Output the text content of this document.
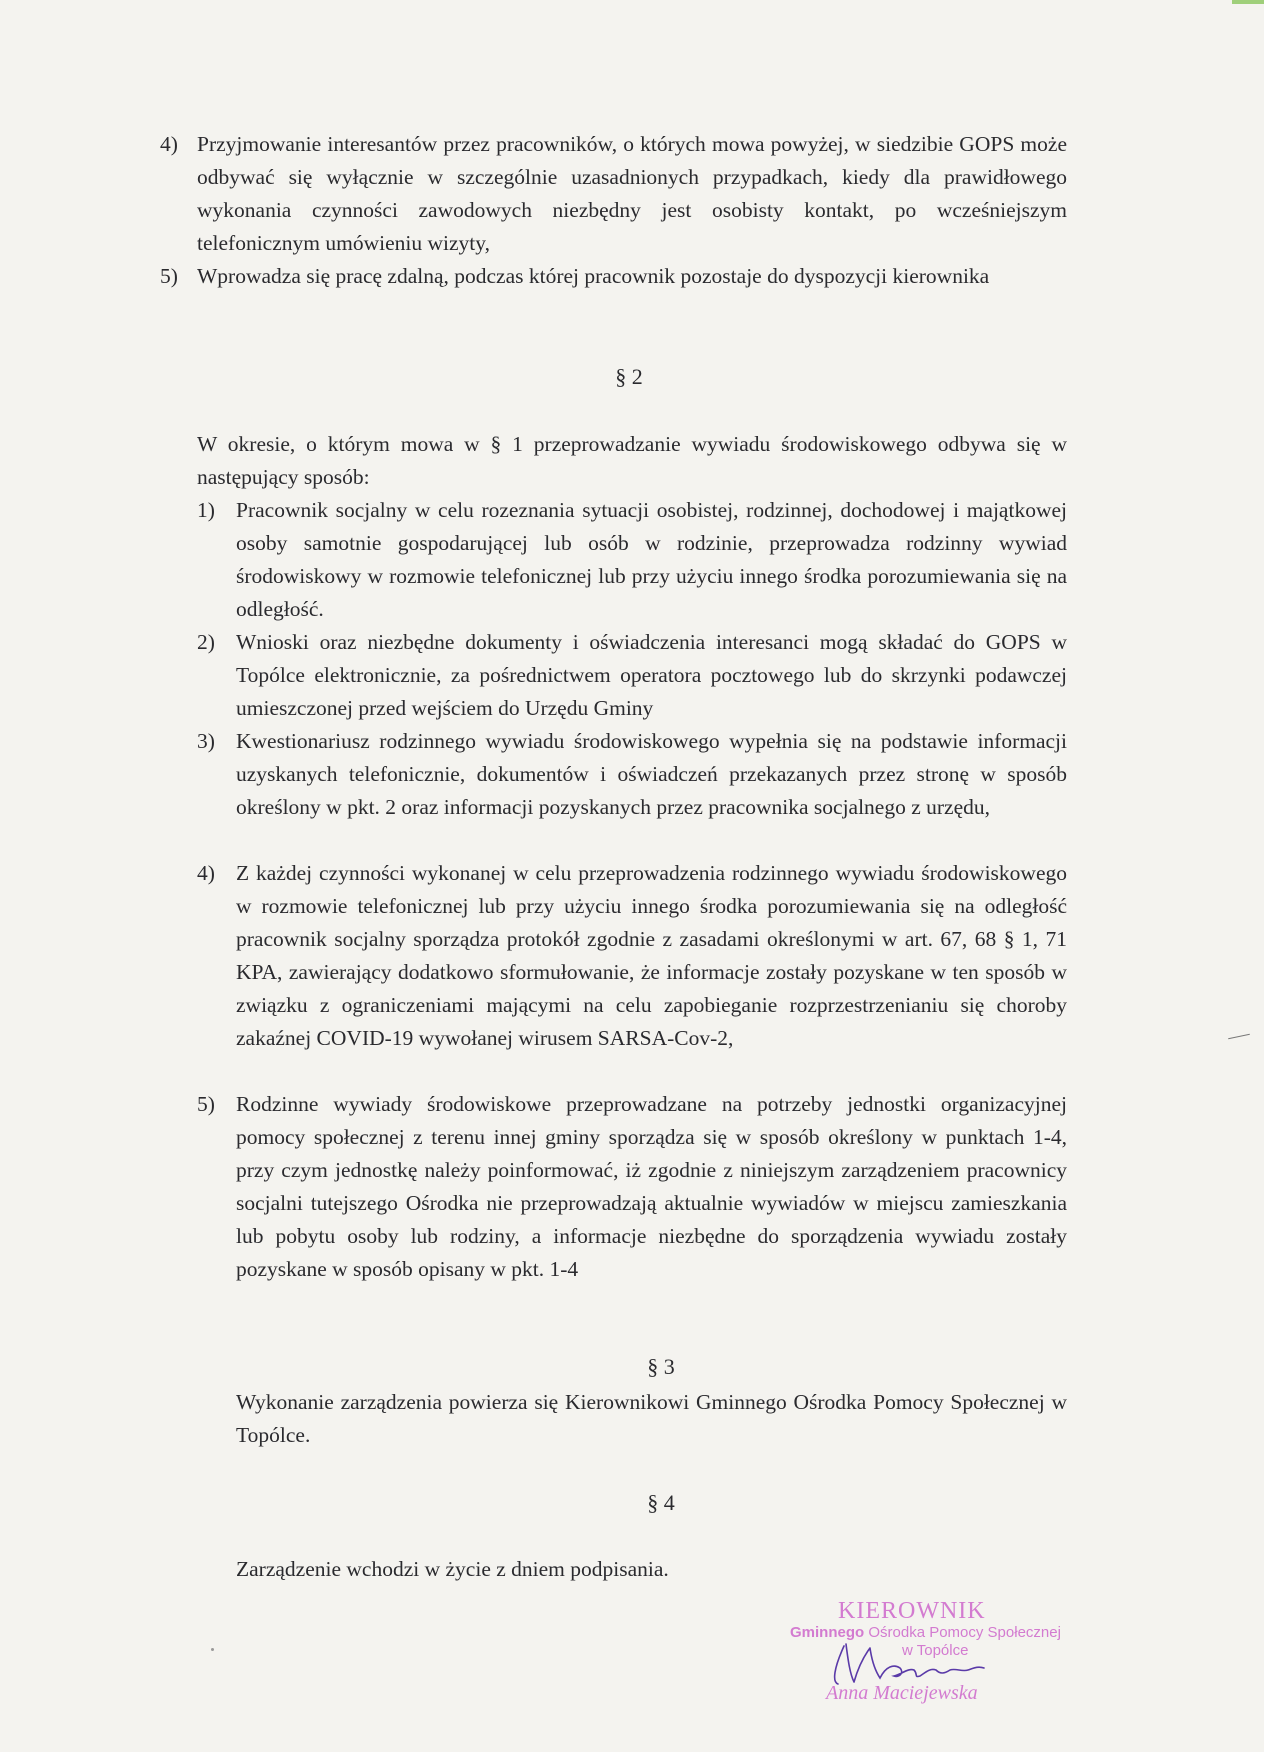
4) Przyjmowanie interesantów przez pracowników, o których mowa powyżej, w siedzibie GOPS może odbywać się wyłącznie w szczególnie uzasadnionych przypadkach, kiedy dla prawidłowego wykonania czynności zawodowych niezbędny jest osobisty kontakt, po wcześniejszym telefonicznym umówieniu wizyty,

5) Wprowadza się pracę zdalną, podczas której pracownik pozostaje do dyspozycji kierownika

§ 2

W okresie, o którym mowa w § 1 przeprowadzanie wywiadu środowiskowego odbywa się w następujący sposób:

1) Pracownik socjalny w celu rozeznania sytuacji osobistej, rodzinnej, dochodowej i majątkowej osoby samotnie gospodarującej lub osób w rodzinie, przeprowadza rodzinny wywiad środowiskowy w rozmowie telefonicznej lub przy użyciu innego środka porozumiewania się na odległość.

2) Wnioski oraz niezbędne dokumenty i oświadczenia interesanci mogą składać do GOPS w Topólce elektronicznie, za pośrednictwem operatora pocztowego lub do skrzynki podawczej umieszczonej przed wejściem do Urzędu Gminy

3) Kwestionariusz rodzinnego wywiadu środowiskowego wypełnia się na podstawie informacji uzyskanych telefonicznie, dokumentów i oświadczeń przekazanych przez stronę w sposób określony w pkt. 2 oraz informacji pozyskanych przez pracownika socjalnego z urzędu,

4) Z każdej czynności wykonanej w celu przeprowadzenia rodzinnego wywiadu środowiskowego w rozmowie telefonicznej lub przy użyciu innego środka porozumiewania się na odległość pracownik socjalny sporządza protokół zgodnie z zasadami określonymi w art. 67, 68 § 1, 71 KPA, zawierający dodatkowo sformułowanie, że informacje zostały pozyskane w ten sposób w związku z ograniczeniami mającymi na celu zapobieganie rozprzestrzenianiu się choroby zakaźnej COVID-19 wywołanej wirusem SARSA-Cov-2,

5) Rodzinne wywiady środowiskowe przeprowadzane na potrzeby jednostki organizacyjnej pomocy społecznej z terenu innej gminy sporządza się w sposób określony w punktach 1-4, przy czym jednostkę należy poinformować, iż zgodnie z niniejszym zarządzeniem pracownicy socjalni tutejszego Ośrodka nie przeprowadzają aktualnie wywiadów w miejscu zamieszkania lub pobytu osoby lub rodziny, a informacje niezbędne do sporządzenia wywiadu zostały pozyskane w sposób opisany w pkt. 1-4

§ 3

Wykonanie zarządzenia powierza się Kierownikowi Gminnego Ośrodka Pomocy Społecznej w Topólce.

§ 4

Zarządzenie wchodzi w życie z dniem podpisania.

KIEROWNIK
Gminnego Ośrodka Pomocy Społecznej
w Topólce
Anna Maciejewska
